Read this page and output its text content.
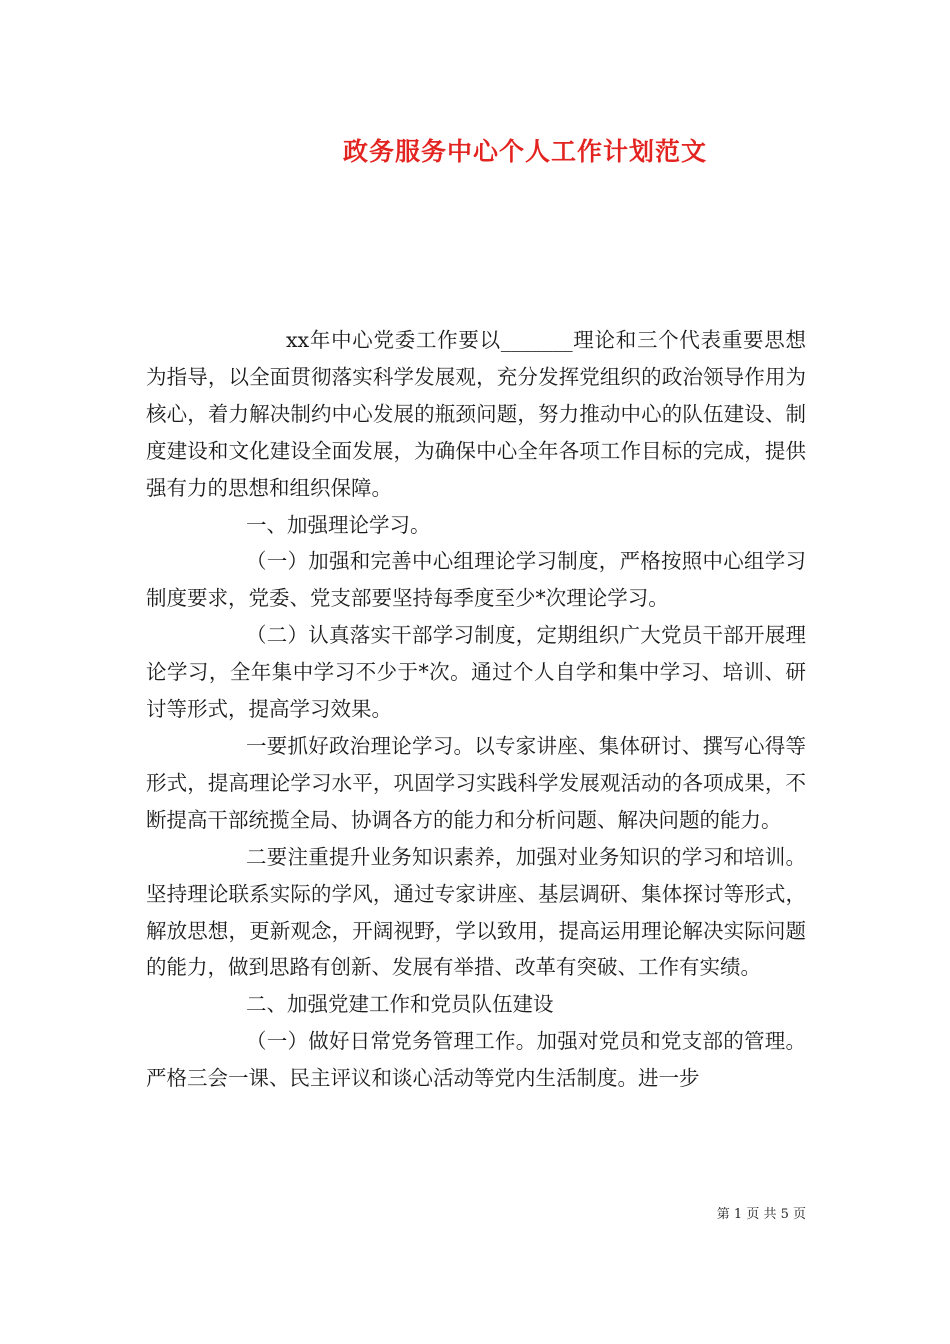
政务服务中心个人工作计划范文

xx年中心党委工作要以_______理论和三个代表重要思想为指导，以全面贯彻落实科学发展观，充分发挥党组织的政治领导作用为核心，着力解决制约中心发展的瓶颈问题，努力推动中心的队伍建设、制度建设和文化建设全面发展，为确保中心全年各项工作目标的完成，提供强有力的思想和组织保障。

一、加强理论学习。

（一）加强和完善中心组理论学习制度，严格按照中心组学习制度要求，党委、党支部要坚持每季度至少*次理论学习。

（二）认真落实干部学习制度，定期组织广大党员干部开展理论学习，全年集中学习不少于*次。通过个人自学和集中学习、培训、研讨等形式，提高学习效果。

一要抓好政治理论学习。以专家讲座、集体研讨、撰写心得等形式，提高理论学习水平，巩固学习实践科学发展观活动的各项成果，不断提高干部统揽全局、协调各方的能力和分析问题、解决问题的能力。

二要注重提升业务知识素养，加强对业务知识的学习和培训。坚持理论联系实际的学风，通过专家讲座、基层调研、集体探讨等形式，解放思想，更新观念，开阔视野，学以致用，提高运用理论解决实际问题的能力，做到思路有创新、发展有举措、改革有突破、工作有实绩。

二、加强党建工作和党员队伍建设

（一）做好日常党务管理工作。加强对党员和党支部的管理。严格三会一课、民主评议和谈心活动等党内生活制度。进一步

第 1 页 共 5 页
